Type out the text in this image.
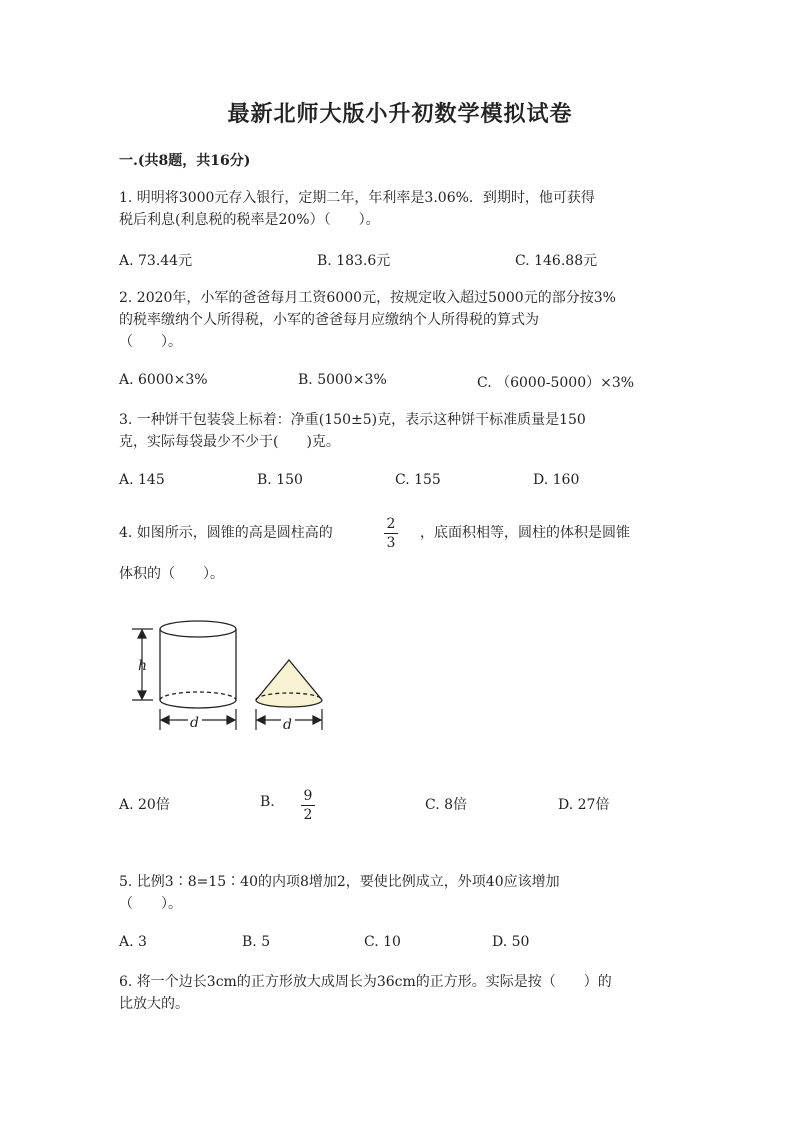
最新北师大版小升初数学模拟试卷
一.(共8题，共16分)
1. 明明将3000元存入银行，定期二年，年利率是3.06%．到期时，他可获得
税后利息(利息税的税率是20%）（　　）。
A. 73.44元	B. 183.6元	C. 146.88元
2. 2020年，小军的爸爸每月工资6000元，按规定收入超过5000元的部分按3%
的税率缴纳个人所得税，小军的爸爸每月应缴纳个人所得税的算式为
（　　）。
A. 6000×3%	B. 5000×3%	C. （6000-5000）×3%
3. 一种饼干包装袋上标着：净重(150±5)克，表示这种饼干标准质量是150
克，实际每袋最少不少于(　　)克。
A. 145	B. 150	C. 155	D. 160
4. 如图所示，圆锥的高是圆柱高的
2
3
，底面积相等，圆柱的体积是圆锥
体积的（　　）。
h
d	d
A. 20倍	B. 9
2
C. 8倍	D. 27倍
5. 比例3∶8=15∶40的内项8增加2，要使比例成立，外项40应该增加
（　　）。
A. 3	B. 5	C. 10	D. 50
6. 将一个边长3cm的正方形放大成周长为36cm的正方形。实际是按（　　）的
比放大的。
